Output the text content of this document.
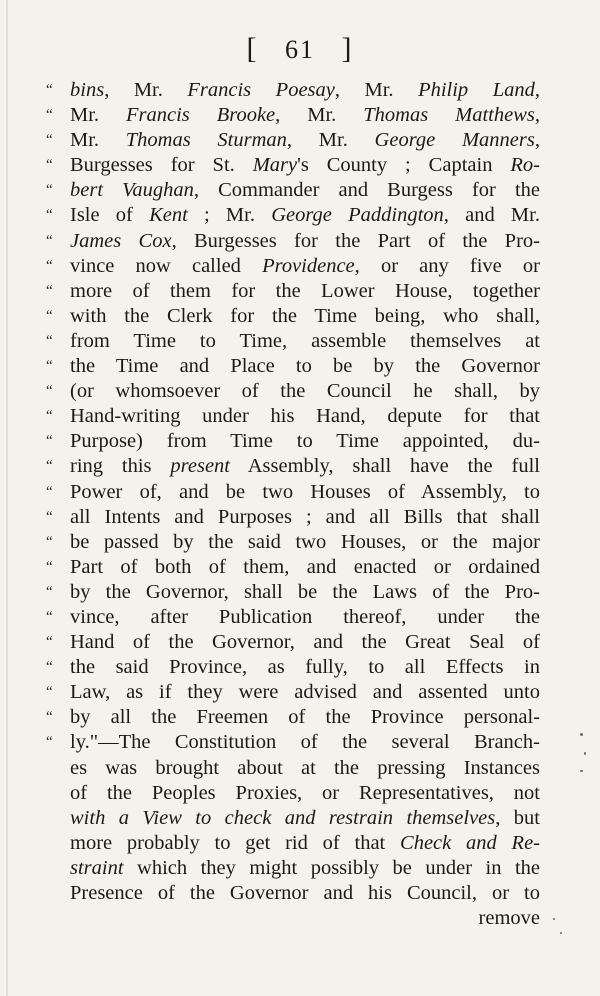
[ 61 ]
“ bins, Mr. Francis Poesay, Mr. Philip Land,
“ Mr. Francis Brooke, Mr. Thomas Matthews,
“ Mr. Thomas Sturman, Mr. George Manners,
“ Burgesses for St. Mary's County ; Captain Ro-
“ bert Vaughan, Commander and Burgess for the
“ Isle of Kent ; Mr. George Paddington, and Mr.
“ James Cox, Burgesses for the Part of the Pro-
“ vince now called Providence, or any five or
“ more of them for the Lower House, together
“ with the Clerk for the Time being, who shall,
“ from Time to Time, assemble themselves at
“ the Time and Place to be by the Governor
“ (or whomsoever of the Council he shall, by
“ Hand-writing under his Hand, depute for that
“ Purpose) from Time to Time appointed, du-
“ ring this present Assembly, shall have the full
“ Power of, and be two Houses of Assembly, to
“ all Intents and Purposes ; and all Bills that shall
“ be passed by the said two Houses, or the major
“ Part of both of them, and enacted or ordained
“ by the Governor, shall be the Laws of the Pro-
“ vince, after Publication thereof, under the
“ Hand of the Governor, and the Great Seal of
“ the said Province, as fully, to all Effects in
“ Law, as if they were advised and assented unto
“ by all the Freemen of the Province personal-
“ ly."—The Constitution of the several Branch-
es was brought about at the pressing Instances
of the Peoples Proxies, or Representatives, not
with a View to check and restrain themselves, but
more probably to get rid of that Check and Re-
straint which they might possibly be under in the
Presence of the Governor and his Council, or to
remove
